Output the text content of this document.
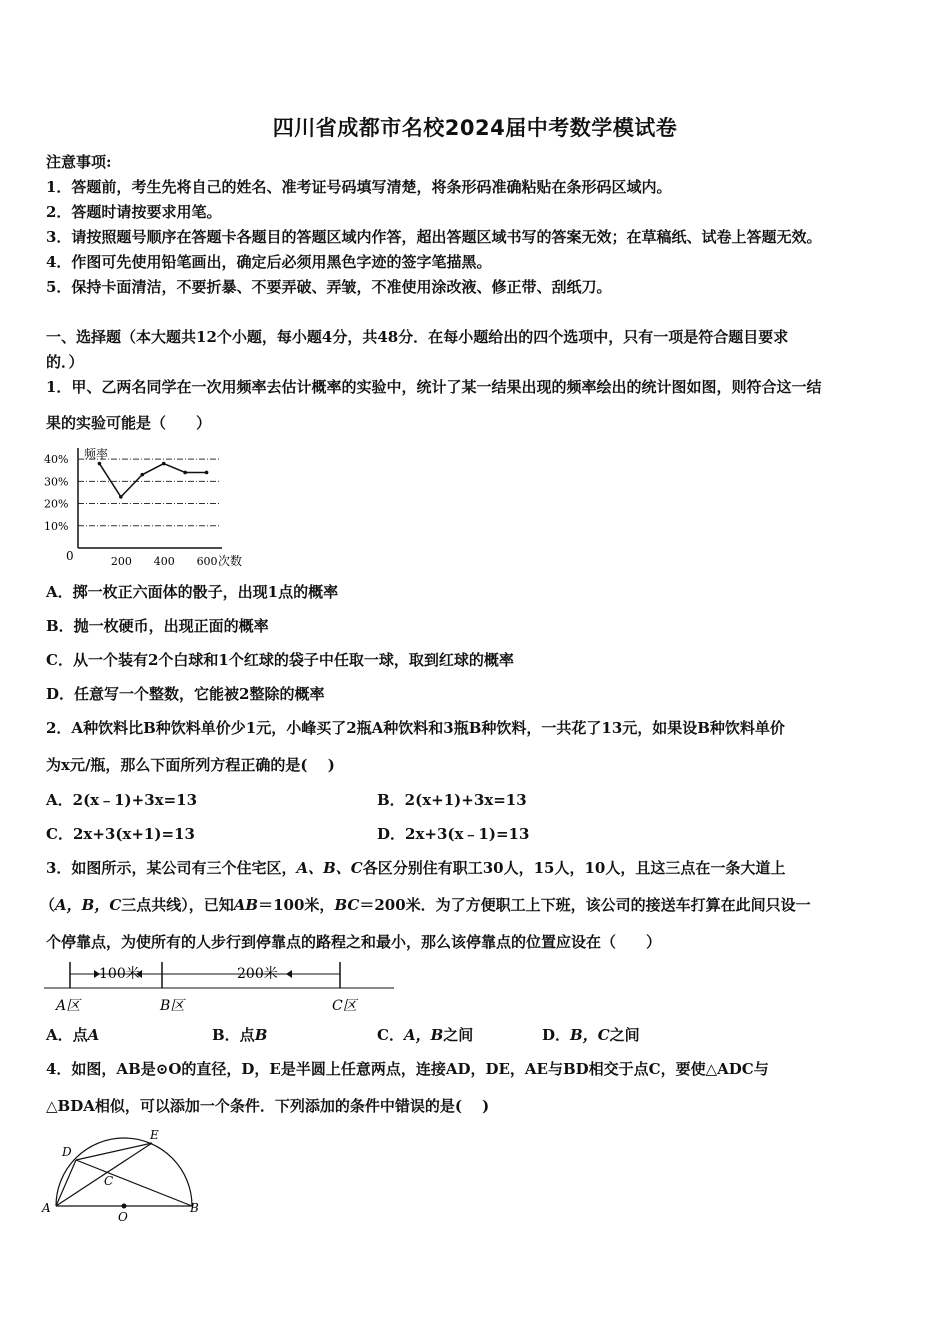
四川省成都市名校2024届中考数学模试卷
注意事项:
1．答题前，考生先将自己的姓名、准考证号码填写清楚，将条形码准确粘贴在条形码区域内。
2．答题时请按要求用笔。
3．请按照题号顺序在答题卡各题目的答题区域内作答，超出答题区域书写的答案无效；在草稿纸、试卷上答题无效。
4．作图可先使用铅笔画出，确定后必须用黑色字迹的签字笔描黑。
5．保持卡面清洁，不要折暴、不要弄破、弄皱，不准使用涂改液、修正带、刮纸刀。
一、选择题（本大题共12个小题，每小题4分，共48分．在每小题给出的四个选项中，只有一项是符合题目要求
的．）
1．甲、乙两名同学在一次用频率去估计概率的实验中，统计了某一结果出现的频率绘出的统计图如图，则符合这一结
果的实验可能是（　　）
频率
0	次数
40%
30%
20%
10%
200 400 600
A．掷一枚正六面体的骰子，出现1点的概率
B．抛一枚硬币，出现正面的概率
C．从一个装有2个白球和1个红球的袋子中任取一球，取到红球的概率
D．任意写一个整数，它能被2整除的概率
2．A种饮料比B种饮料单价少1元，小峰买了2瓶A种饮料和3瓶B种饮料，一共花了13元，如果设B种饮料单价
为x元/瓶，那么下面所列方程正确的是(　 )
A．2(x﹣1)+3x=13	B．2(x+1)+3x=13
C．2x+3(x+1)=13	D．2x+3(x﹣1)=13
3．如图所示，某公司有三个住宅区，A、B、C各区分别住有职工30人，15人，10人，且这三点在一条大道上
（A，B，C三点共线），已知AB＝100米，BC＝200米．为了方便职工上下班，该公司的接送车打算在此间只设一
个停靠点，为使所有的人步行到停靠点的路程之和最小，那么该停靠点的位置应设在（　　）
100米	200米
A区	B区	C区
A．点A	B．点B	C．A，B之间	D．B，C之间
4．如图，AB是⊙O的直径，D，E是半圆上任意两点，连接AD，DE，AE与BD相交于点C，要使△ADC与
△BDA相似，可以添加一个条件．下列添加的条件中错误的是(　 )
D
E
C
A	B
O
